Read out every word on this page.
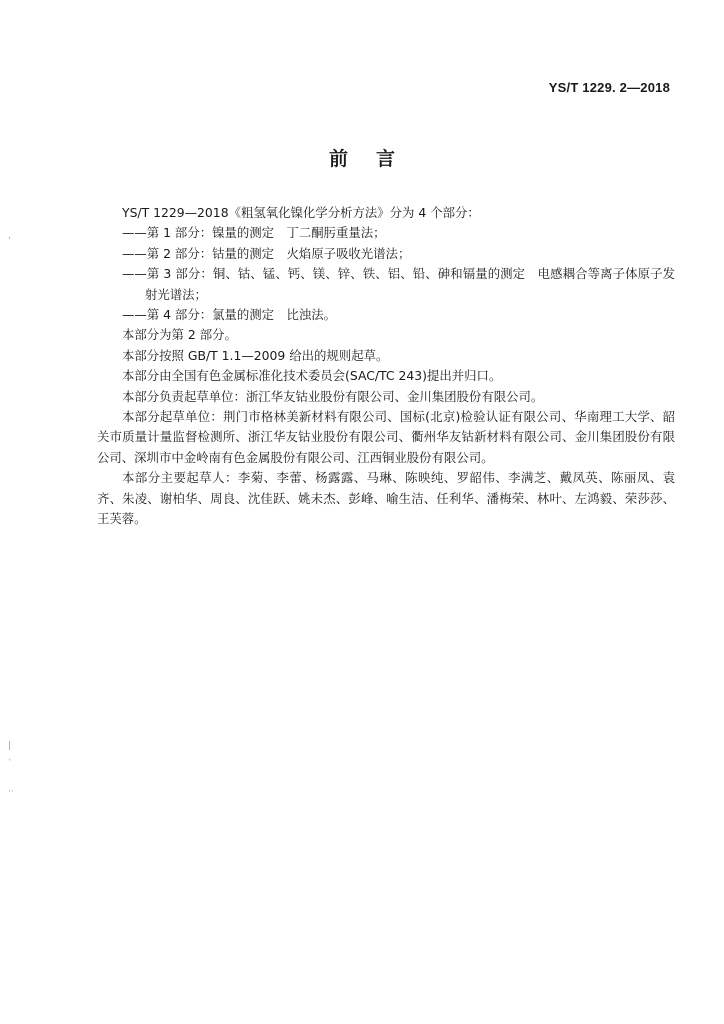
YS/T 1229. 2—2018
前言

YS/T 1229—2018《粗氢氧化镍化学分析方法》分为 4 个部分：

——第 1 部分：镍量的测定　丁二酮肟重量法；

——第 2 部分：钴量的测定　火焰原子吸收光谱法；

——第 3 部分：铜、钴、锰、钙、镁、锌、铁、铝、铅、砷和镉量的测定　电感耦合等离子体原子发射光谱法；

——第 4 部分：氯量的测定　比浊法。

本部分为第 2 部分。

本部分按照 GB/T 1.1—2009 给出的规则起草。

本部分由全国有色金属标准化技术委员会(SAC/TC 243)提出并归口。

本部分负责起草单位：浙江华友钴业股份有限公司、金川集团股份有限公司。

本部分起草单位：荆门市格林美新材料有限公司、国标(北京)检验认证有限公司、华南理工大学、韶关市质量计量监督检测所、浙江华友钴业股份有限公司、衢州华友钴新材料有限公司、金川集团股份有限公司、深圳市中金岭南有色金属股份有限公司、江西铜业股份有限公司。

本部分主要起草人：李菊、李蕾、杨露露、马琳、陈映纯、罗韶伟、李满芝、戴凤英、陈丽凤、袁齐、朱凌、谢柏华、周良、沈佳跃、姚未杰、彭峰、喻生洁、任利华、潘梅荣、林叶、左鸿毅、荣莎莎、王芙蓉。

,
|
`
··
